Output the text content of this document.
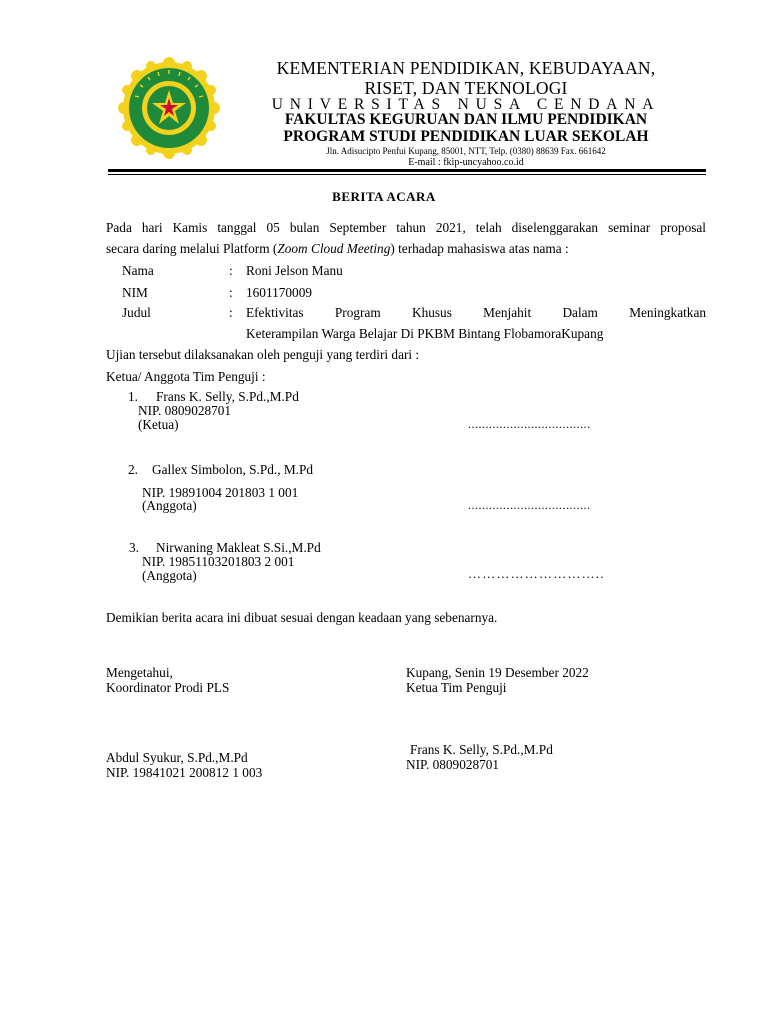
KEMENTERIAN PENDIDIKAN, KEBUDAYAAN,
RISET, DAN TEKNOLOGI
UNIVERSITAS NUSA CENDANA
FAKULTAS KEGURUAN DAN ILMU PENDIDIKAN
PROGRAM STUDI PENDIDIKAN LUAR SEKOLAH
Jln. Adisucipto Penfui Kupang, 85001, NTT, Telp. (0380) 88639 Fax. 661642
E-mail : fkip-uncyahoo.co.id
BERITA ACARA
Pada hari Kamis tanggal 05 bulan September tahun 2021, telah diselenggarakan seminar proposal
secara daring melalui Platform (Zoom Cloud Meeting) terhadap mahasiswa atas nama :
Nama	: Roni Jelson Manu
NIM	: 1601170009
Judul	: Efektivitas Program Khusus Menjahit Dalam Meningkatkan
Keterampilan Warga Belajar Di PKBM Bintang FlobamoraKupang
Ujian tersebut dilaksanakan oleh penguji yang terdiri dari :
Ketua/ Anggota Tim Penguji :
1. Frans K. Selly, S.Pd.,M.Pd
NIP. 0809028701
(Ketua)	...................................
2. Gallex Simbolon, S.Pd., M.Pd
NIP. 19891004 201803 1 001
(Anggota)	...................................
3. Nirwaning Makleat S.Si.,M.Pd
NIP. 19851103201803 2 001
(Anggota)	………………………..
Demikian berita acara ini dibuat sesuai dengan keadaan yang sebenarnya.
Mengetahui,
Koordinator Prodi PLS
Abdul Syukur, S.Pd.,M.Pd
NIP. 19841021 200812 1 003
Kupang, Senin 19 Desember 2022
Ketua Tim Penguji
Frans K. Selly, S.Pd.,M.Pd
NIP. 0809028701
